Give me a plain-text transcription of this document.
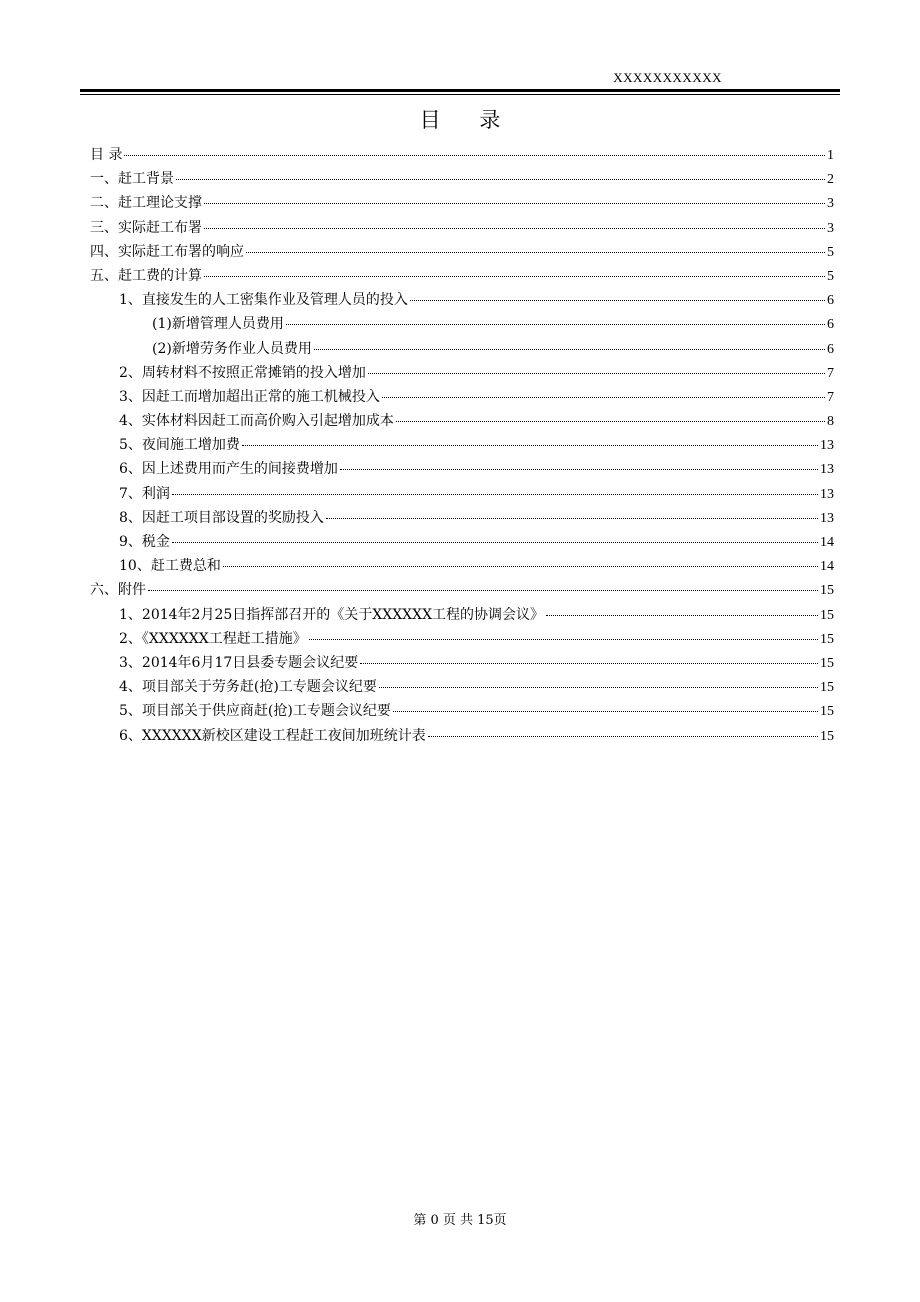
XXXXXXXXXXX
目 录
目 录	1
一、赶工背景	2
二、赶工理论支撑	3
三、实际赶工布署	3
四、实际赶工布署的响应	5
五、赶工费的计算	5
1、直接发生的人工密集作业及管理人员的投入	6
(1)新增管理人员费用	6
(2)新增劳务作业人员费用	6
2、周转材料不按照正常摊销的投入增加	7
3、因赶工而增加超出正常的施工机械投入	7
4、实体材料因赶工而高价购入引起增加成本	8
5、夜间施工增加费	13
6、因上述费用而产生的间接费增加	13
7、利润	13
8、因赶工项目部设置的奖励投入	13
9、税金	14
10、赶工费总和	14
六、附件	15
1、2014年2月25日指挥部召开的《关于XXXXXX工程的协调会议》	15
2、《XXXXXX工程赶工措施》	15
3、2014年6月17日县委专题会议纪要	15
4、项目部关于劳务赶(抢)工专题会议纪要	15
5、项目部关于供应商赶(抢)工专题会议纪要	15
6、XXXXXX新校区建设工程赶工夜间加班统计表	15
第 0 页 共 15页
